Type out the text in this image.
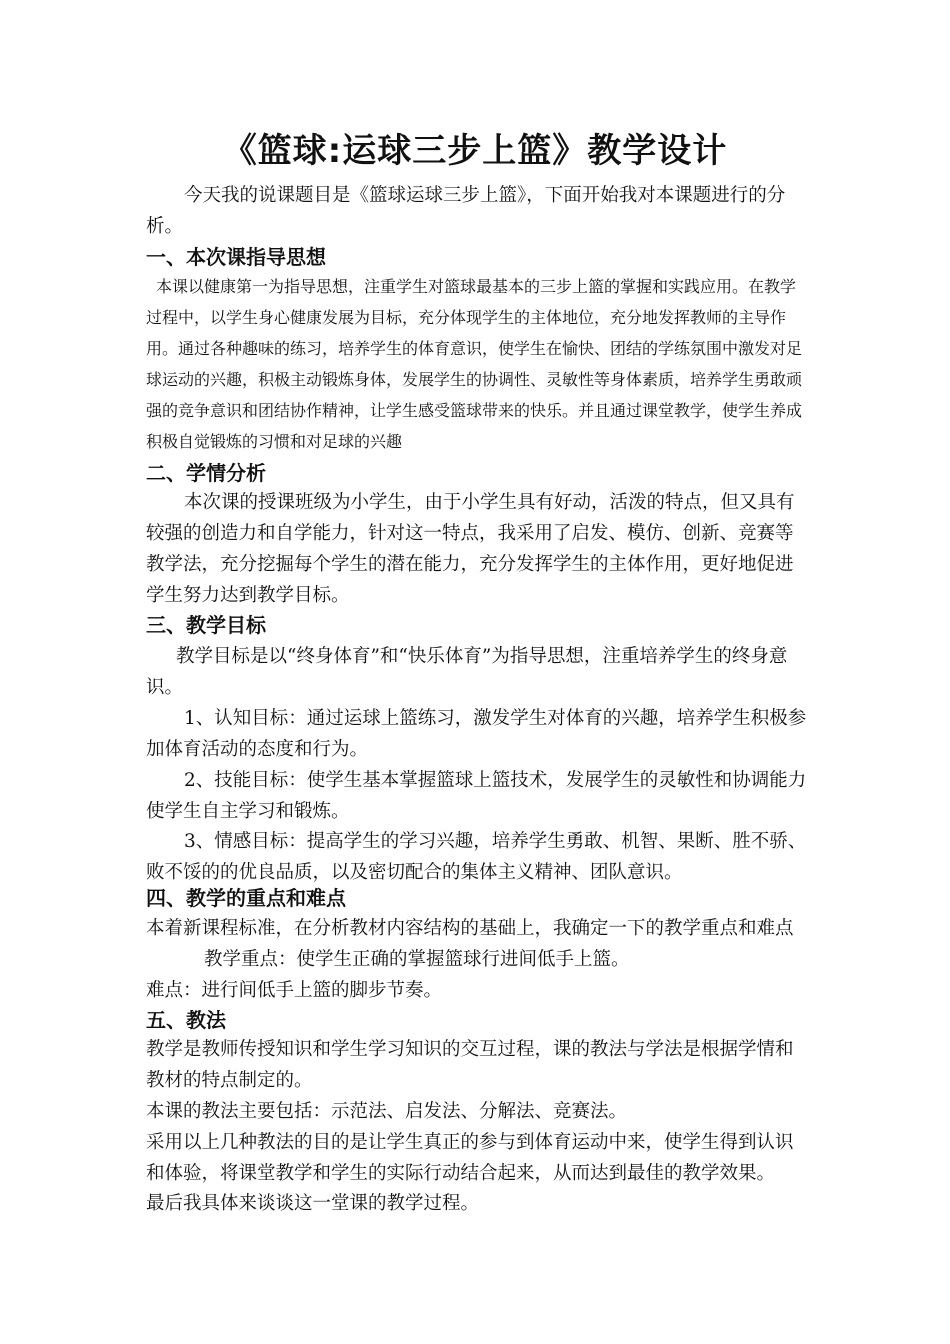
《篮球:运球三步上篮》教学设计
今天我的说课题目是《篮球运球三步上篮》，下面开始我对本课题进行的分析。
一、本次课指导思想
本课以健康第一为指导思想，注重学生对篮球最基本的三步上篮的掌握和实践应用。在教学过程中，以学生身心健康发展为目标，充分体现学生的主体地位，充分地发挥教师的主导作用。通过各种趣味的练习，培养学生的体育意识，使学生在愉快、团结的学练氛围中激发对足球运动的兴趣，积极主动锻炼身体，发展学生的协调性、灵敏性等身体素质，培养学生勇敢顽强的竞争意识和团结协作精神，让学生感受篮球带来的快乐。并且通过课堂教学，使学生养成积极自觉锻炼的习惯和对足球的兴趣
二、学情分析
本次课的授课班级为小学生，由于小学生具有好动，活泼的特点，但又具有较强的创造力和自学能力，针对这一特点，我采用了启发、模仿、创新、竞赛等教学法，充分挖掘每个学生的潜在能力，充分发挥学生的主体作用，更好地促进学生努力达到教学目标。
三、教学目标
教学目标是以“终身体育”和“快乐体育”为指导思想，注重培养学生的终身意识。
1、认知目标：通过运球上篮练习，激发学生对体育的兴趣，培养学生积极参加体育活动的态度和行为。
2、技能目标：使学生基本掌握篮球上篮技术，发展学生的灵敏性和协调能力使学生自主学习和锻炼。
3、情感目标：提高学生的学习兴趣，培养学生勇敢、机智、果断、胜不骄、败不馁的的优良品质，以及密切配合的集体主义精神、团队意识。
四、教学的重点和难点
本着新课程标准，在分析教材内容结构的基础上，我确定一下的教学重点和难点
教学重点：使学生正确的掌握篮球行进间低手上篮。
难点：进行间低手上篮的脚步节奏。
五、教法
教学是教师传授知识和学生学习知识的交互过程，课的教法与学法是根据学情和教材的特点制定的。
本课的教法主要包括：示范法、启发法、分解法、竞赛法。
采用以上几种教法的目的是让学生真正的参与到体育运动中来，使学生得到认识和体验，将课堂教学和学生的实际行动结合起来，从而达到最佳的教学效果。
最后我具体来谈谈这一堂课的教学过程。
